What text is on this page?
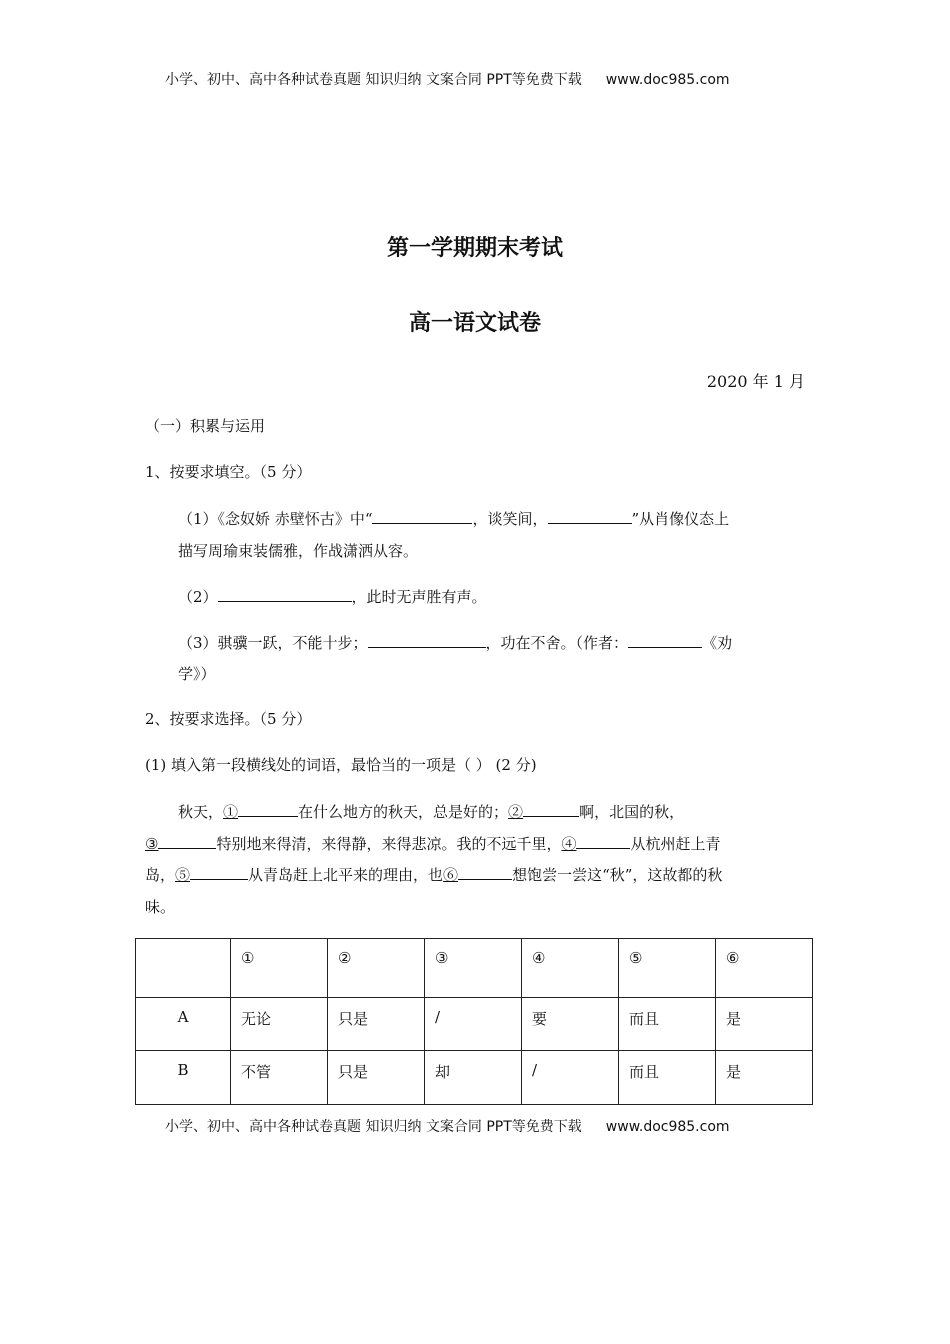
小学、初中、高中各种试卷真题 知识归纳 文案合同 PPT等免费下载 www.doc985.com
第一学期期末考试
高一语文试卷
2020 年 1 月
（一）积累与运用
1、按要求填空。（5 分）
（1）《念奴娇 赤壁怀古》中“	，谈笑间，	”从肖像仪态上
描写周瑜束装儒雅，作战潇洒从容。
（2）	，此时无声胜有声。
（3）骐骥一跃，不能十步；	，功在不舍。（作者：	《劝
学》）
2、按要求选择。（5 分）
(1) 填入第一段横线处的词语，最恰当的一项是（ ） (2 分)
秋天，①	在什么地方的秋天，总是好的；②	啊，北国的秋，
③	特别地来得清，来得静，来得悲凉。我的不远千里，④	从杭州赶上青
岛，⑤	从青岛赶上北平来的理由，也⑥	想饱尝一尝这“秋”，这故都的秋
味。
	①	②	③	④	⑤	⑥
A	无论	只是	/	要	而且	是
B	不管	只是	却	/	而且	是
小学、初中、高中各种试卷真题 知识归纳 文案合同 PPT等免费下载 www.doc985.com
